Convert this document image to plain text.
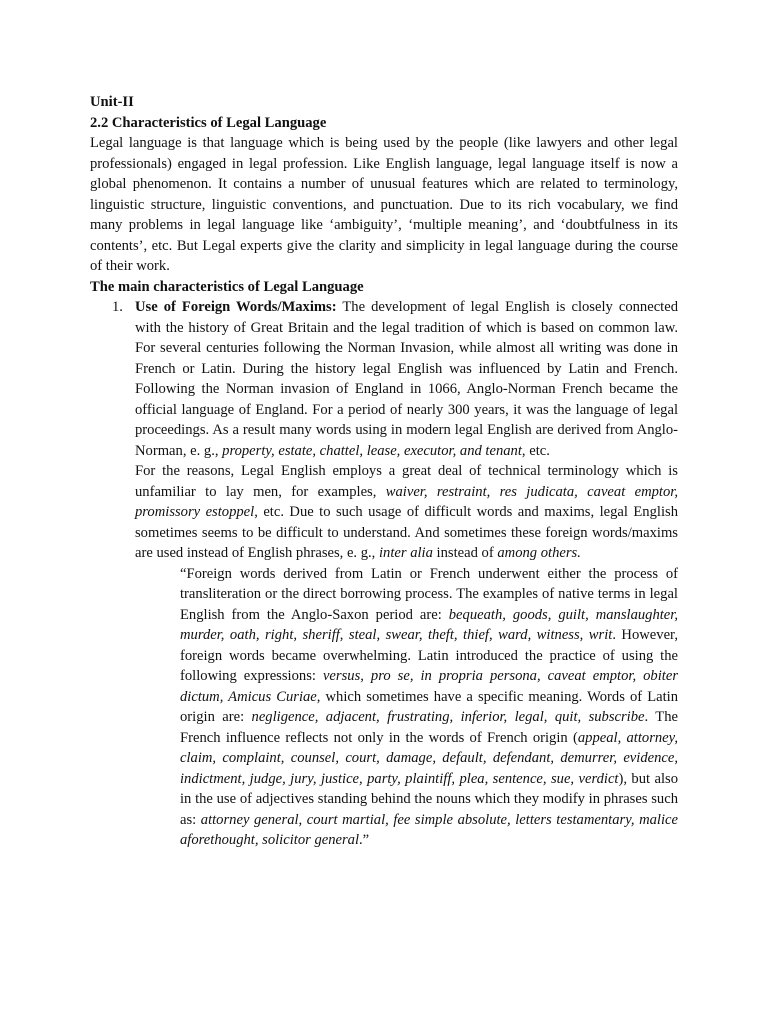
Unit-II

2.2 Characteristics of Legal Language

Legal language is that language which is being used by the people (like lawyers and other legal professionals) engaged in legal profession. Like English language, legal language itself is now a global phenomenon. It contains a number of unusual features which are related to terminology, linguistic structure, linguistic conventions, and punctuation. Due to its rich vocabulary, we find many problems in legal language like ‘ambiguity’, ‘multiple meaning’, and ‘doubtfulness in its contents’, etc. But Legal experts give the clarity and simplicity in legal language during the course of their work.

The main characteristics of Legal Language

1. Use of Foreign Words/Maxims: The development of legal English is closely connected with the history of Great Britain and the legal tradition of which is based on common law. For several centuries following the Norman Invasion, while almost all writing was done in French or Latin. During the history legal English was influenced by Latin and French. Following the Norman invasion of England in 1066, Anglo-Norman French became the official language of England. For a period of nearly 300 years, it was the language of legal proceedings. As a result many words using in modern legal English are derived from Anglo-Norman, e. g., property, estate, chattel, lease, executor, and tenant, etc.

For the reasons, Legal English employs a great deal of technical terminology which is unfamiliar to lay men, for examples, waiver, restraint, res judicata, caveat emptor, promissory estoppel, etc. Due to such usage of difficult words and maxims, legal English sometimes seems to be difficult to understand. And sometimes these foreign words/maxims are used instead of English phrases, e. g., inter alia instead of among others.

“Foreign words derived from Latin or French underwent either the process of transliteration or the direct borrowing process. The examples of native terms in legal English from the Anglo-Saxon period are: bequeath, goods, guilt, manslaughter, murder, oath, right, sheriff, steal, swear, theft, thief, ward, witness, writ. However, foreign words became overwhelming. Latin introduced the practice of using the following expressions: versus, pro se, in propria persona, caveat emptor, obiter dictum, Amicus Curiae, which sometimes have a specific meaning. Words of Latin origin are: negligence, adjacent, frustrating, inferior, legal, quit, subscribe. The French influence reflects not only in the words of French origin (appeal, attorney, claim, complaint, counsel, court, damage, default, defendant, demurrer, evidence, indictment, judge, jury, justice, party, plaintiff, plea, sentence, sue, verdict), but also in the use of adjectives standing behind the nouns which they modify in phrases such as: attorney general, court martial, fee simple absolute, letters testamentary, malice aforethought, solicitor general.”
